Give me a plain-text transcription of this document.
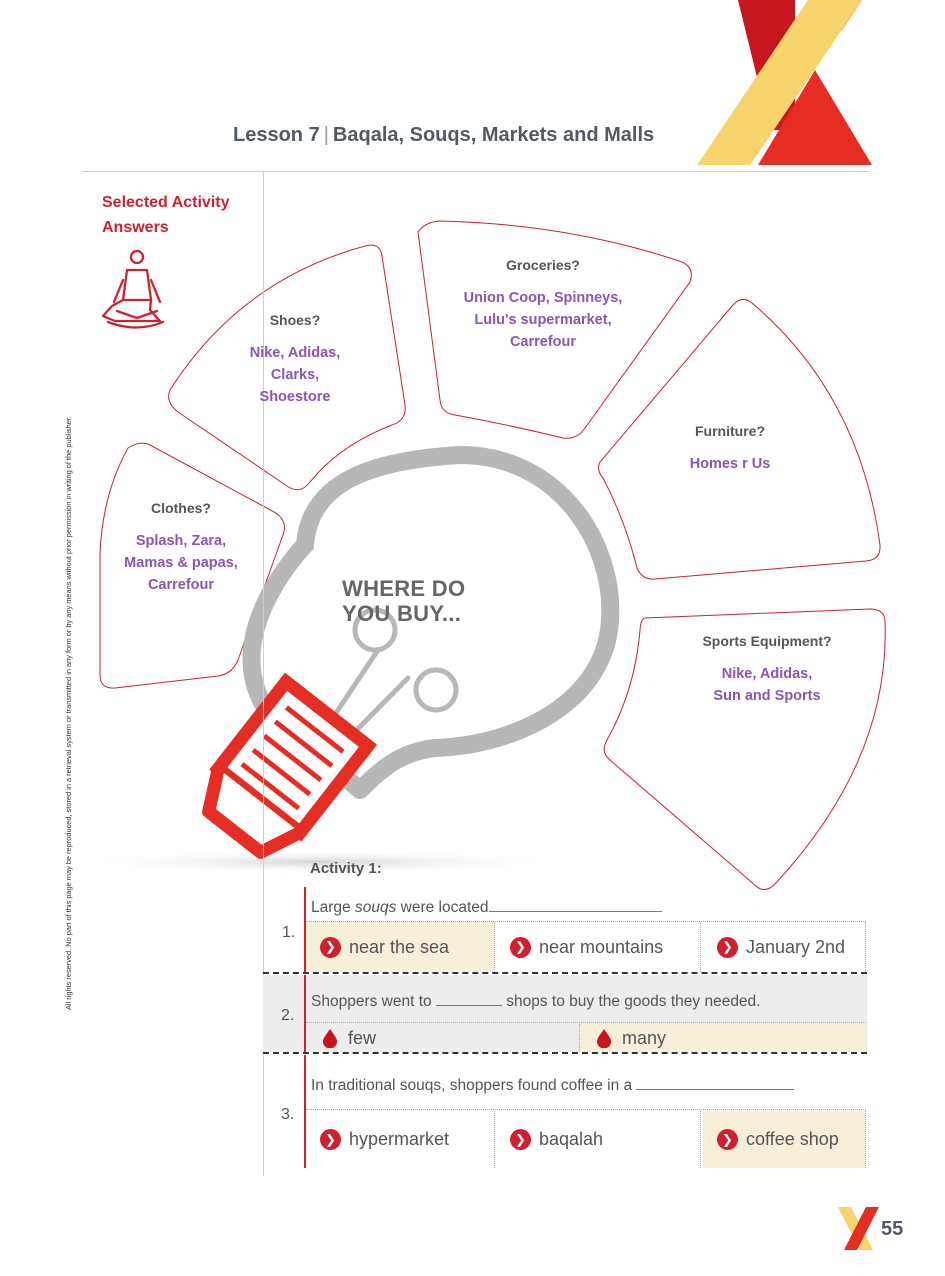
Lesson 7 | Baqala, Souqs, Markets and Malls
Selected Activity Answers
All rights reserved. No part of this page may be reproduced, stored in a retrieval system or transmitted in any form or by any means without prior permission in writing of the publisher.	Clothes?
Splash, Zara,
Mamas & papas,
Carrefour
Shoes?
Nike, Adidas,
Clarks,
Shoestore
Groceries?
Union Coop, Spinneys,
Lulu's supermarket,
Carrefour
Furniture?
Homes r Us
Sports Equipment?
Nike, Adidas,
Sun and Sports
WHERE DO
YOU BUY...
Activity 1:
1.
Large souqs were located
❯ near the sea	❯ near mountains	❯ January 2nd
2.
Shoppers went to	shops to buy the goods they needed.
few	many
3.
In traditional souqs, shoppers found coffee in a
❯ hypermarket	❯ baqalah	❯ coffee shop
55
